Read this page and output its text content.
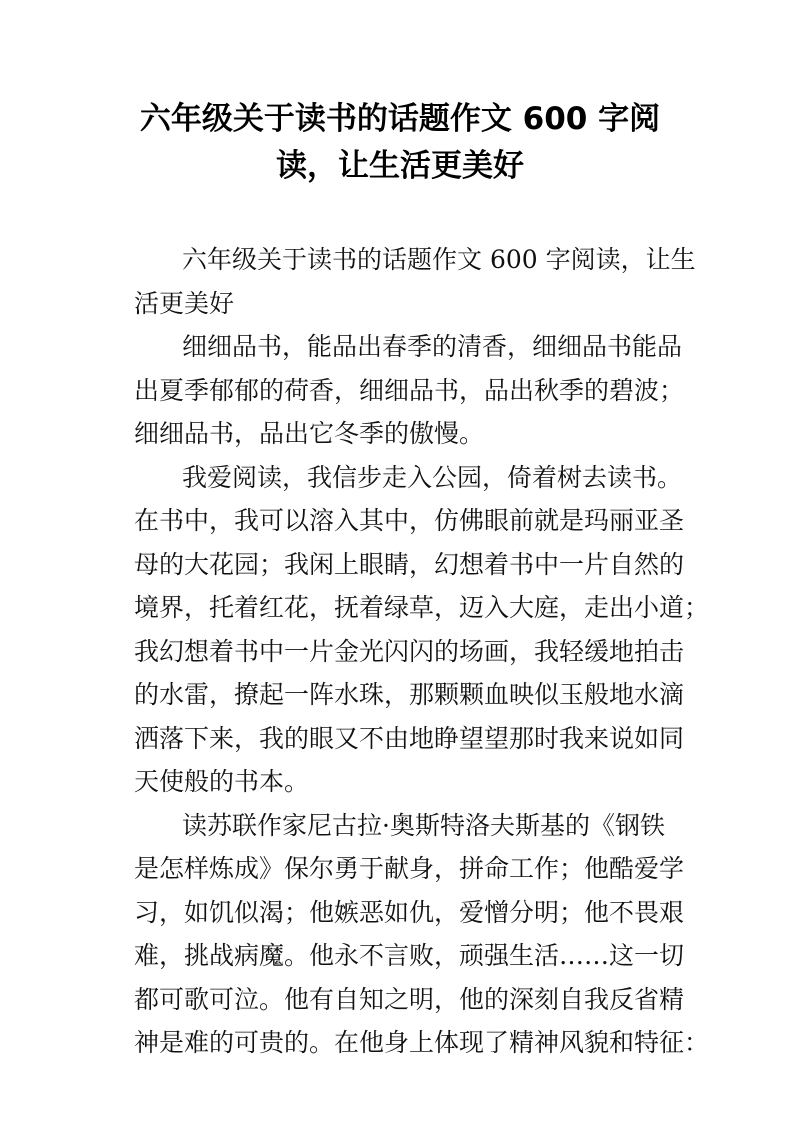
六年级关于读书的话题作文 600 字阅
读，让生活更美好

六年级关于读书的话题作文 600 字阅读，让生
活更美好

细细品书，能品出春季的清香，细细品书能品
出夏季郁郁的荷香，细细品书，品出秋季的碧波；
细细品书，品出它冬季的傲慢。

我爱阅读，我信步走入公园，倚着树去读书。
在书中，我可以溶入其中，仿佛眼前就是玛丽亚圣
母的大花园；我闲上眼睛，幻想着书中一片自然的
境界，托着红花，抚着绿草，迈入大庭，走出小道；
我幻想着书中一片金光闪闪的场画，我轻缓地拍击
的水雷，撩起一阵水珠，那颗颗血映似玉般地水滴
洒落下来，我的眼又不由地睁望望那时我来说如同
天使般的书本。

读苏联作家尼古拉·奥斯特洛夫斯基的《钢铁
是怎样炼成》保尔勇于献身，拼命工作；他酷爱学
习，如饥似渴；他嫉恶如仇，爱憎分明；他不畏艰
难，挑战病魔。他永不言败，顽强生活……这一切
都可歌可泣。他有自知之明，他的深刻自我反省精
神是难的可贵的。在他身上体现了精神风貌和特征：
